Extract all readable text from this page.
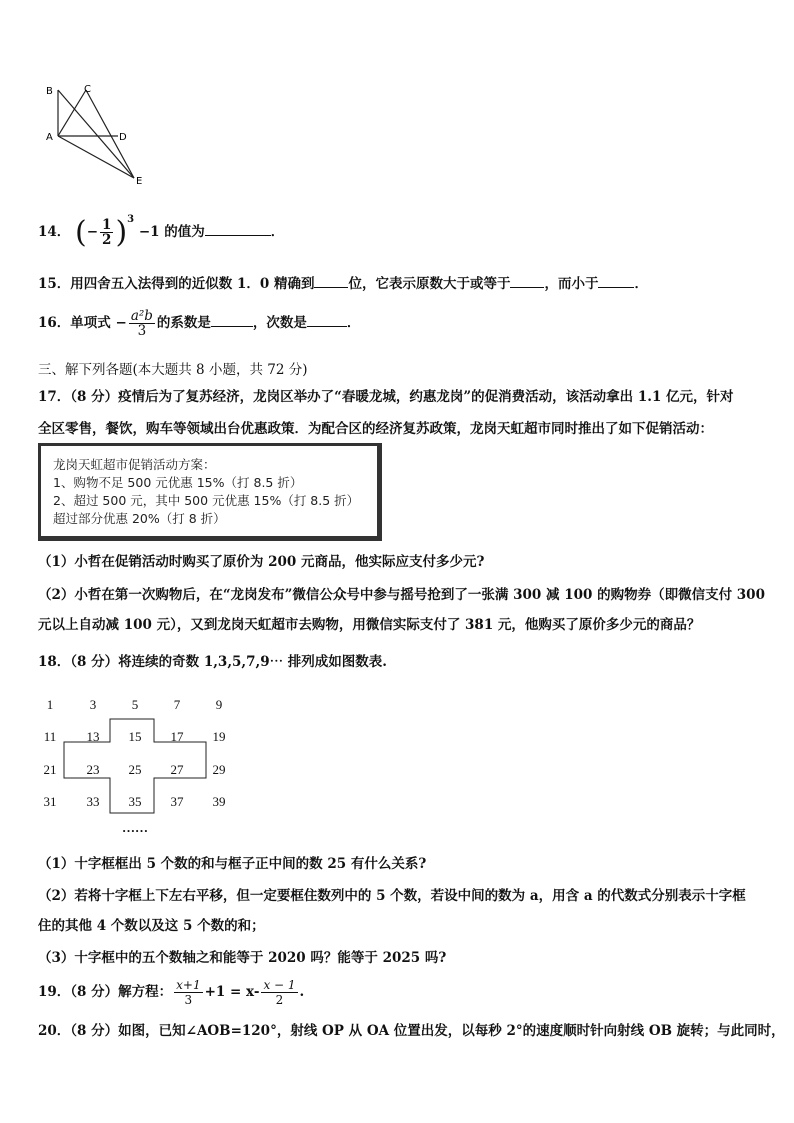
B	C
A	D
E
14． (− $\frac{1}{2} )^3 -1$ 的值为	．
15．用四舍五入法得到的近似数 1．0 精确到	位，它表示原数大于或等于	，而小于	．
16．单项式 − $\frac{\text{a²b}}{3}$ 的系数是	，次数是	．
三、解下列各题(本大题共 8 小题，共 72 分)
17．（8 分）疫情后为了复苏经济，龙岗区举办了“春暖龙城，约惠龙岗”的促消费活动，该活动拿出 1.1 亿元，针对
全区零售，餐饮，购车等领域出台优惠政策．为配合区的经济复苏政策，龙岗天虹超市同时推出了如下促销活动：
龙岗天虹超市促销活动方案：
1、购物不足 500 元优惠 15%（打 8.5 折）
2、超过 500 元，其中 500 元优惠 15%（打 8.5 折）
超过部分优惠 20%（打 8 折）
（1）小哲在促销活动时购买了原价为 200 元商品，他实际应支付多少元?
（2）小哲在第一次购物后，在“龙岗发布”微信公众号中参与摇号抢到了一张满 300 减 100 的购物券（即微信支付 300
元以上自动减 100 元），又到龙岗天虹超市去购物，用微信实际支付了 381 元，他购买了原价多少元的商品？
18．（8 分）将连续的奇数 1,3,5,7,9⋯ 排列成如图数表.
1	3	5	7	9
11	13	15	17	19
21	23	25	27	29
31	33	35	37	39
……
（1）十字框框出 5 个数的和与框子正中间的数 25 有什么关系?
（2）若将十字框上下左右平移，但一定要框住数列中的 5 个数，若设中间的数为 a，用含 a 的代数式分别表示十字框
住的其他 4 个数以及这 5 个数的和；
（3）十字框中的五个数轴之和能等于 2020 吗？能等于 2025 吗?
19．（8 分）解方程： $\frac{x+1}{3} +1 = x- \frac{x - 1}{2}$ .
20．（8 分）如图，已知∠AOB=120°，射线 OP 从 OA 位置出发，以每秒 2°的速度顺时针向射线 OB 旋转；与此同时，
